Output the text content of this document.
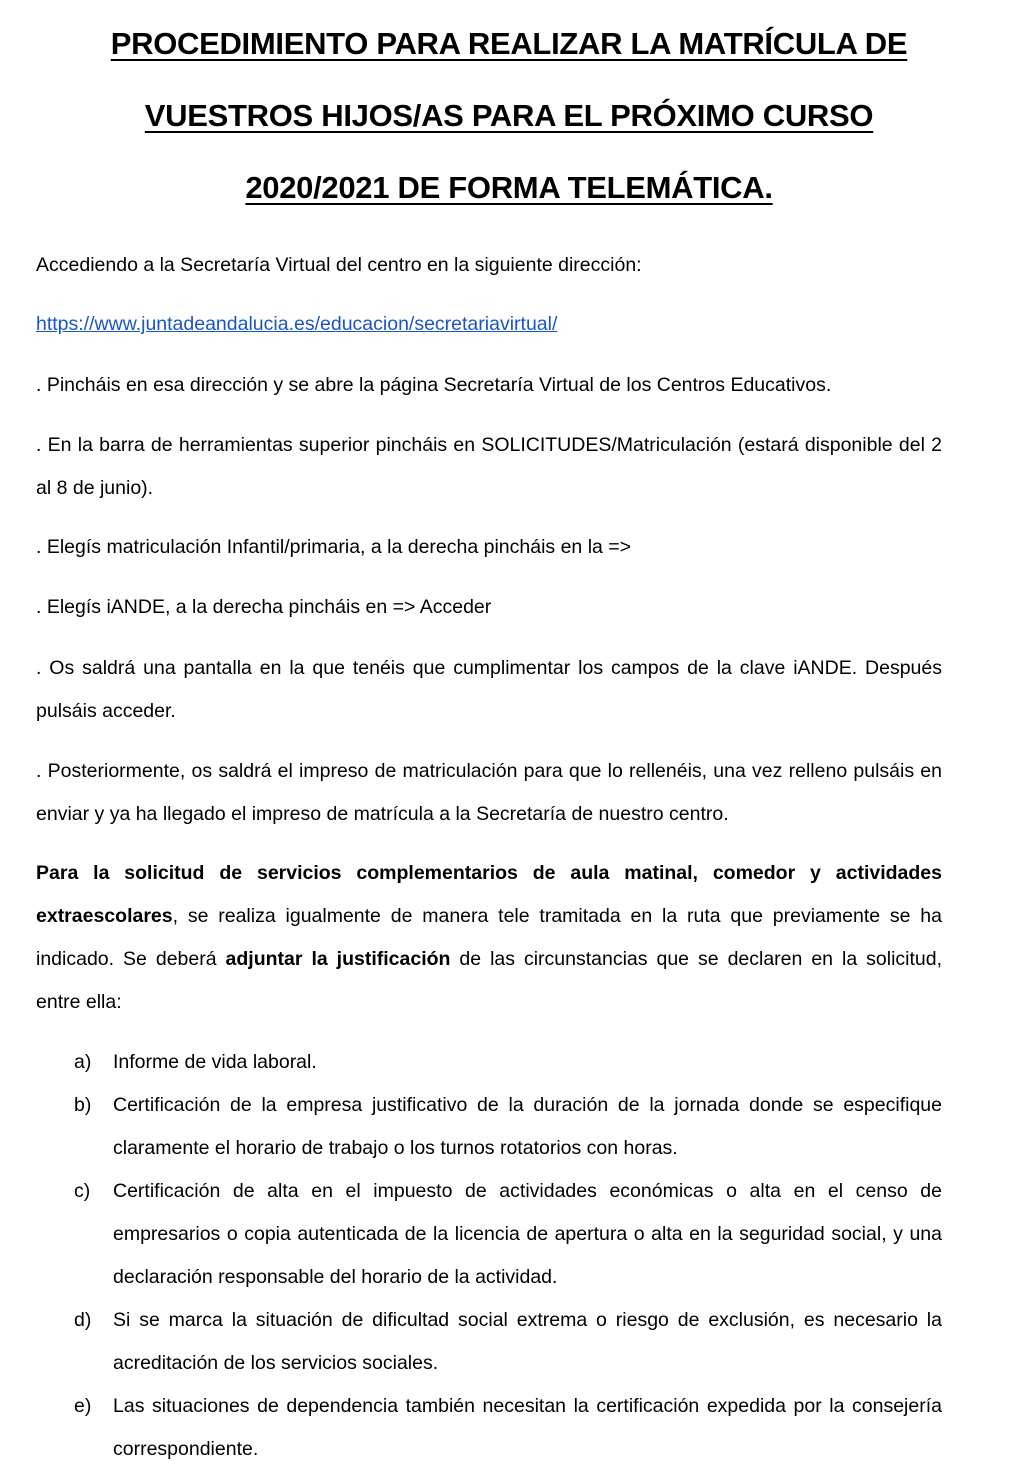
PROCEDIMIENTO PARA REALIZAR LA MATRÍCULA DE
VUESTROS HIJOS/AS PARA EL PRÓXIMO CURSO
2020/2021 DE FORMA TELEMÁTICA.
Accediendo a la Secretaría Virtual del centro en la siguiente dirección:
https://www.juntadeandalucia.es/educacion/secretariavirtual/
. Pincháis en esa dirección y se abre la página Secretaría Virtual de los Centros Educativos.
. En la barra de herramientas superior pincháis en SOLICITUDES/Matriculación (estará disponible del 2 al 8 de junio).
. Elegís matriculación Infantil/primaria, a la derecha pincháis en la =>
. Elegís iANDE, a la derecha pincháis en => Acceder
. Os saldrá una pantalla en la que tenéis que cumplimentar los campos de la clave iANDE. Después pulsáis acceder.
. Posteriormente, os saldrá el impreso de matriculación para que lo rellenéis, una vez relleno pulsáis en enviar y ya ha llegado el impreso de matrícula a la Secretaría de nuestro centro.
Para la solicitud de servicios complementarios de aula matinal, comedor y actividades extraescolares, se realiza igualmente de manera tele tramitada en la ruta que previamente se ha indicado. Se deberá adjuntar la justificación de las circunstancias que se declaren en la solicitud, entre ella:
a)	Informe de vida laboral.
b)	Certificación de la empresa justificativo de la duración de la jornada donde se especifique claramente el horario de trabajo o los turnos rotatorios con horas.
c)	Certificación de alta en el impuesto de actividades económicas o alta en el censo de empresarios o copia autenticada de la licencia de apertura o alta en la seguridad social, y una declaración responsable del horario de la actividad.
d)	Si se marca la situación de dificultad social extrema o riesgo de exclusión, es necesario la acreditación de los servicios sociales.
e)	Las situaciones de dependencia también necesitan la certificación expedida por la consejería correspondiente.
